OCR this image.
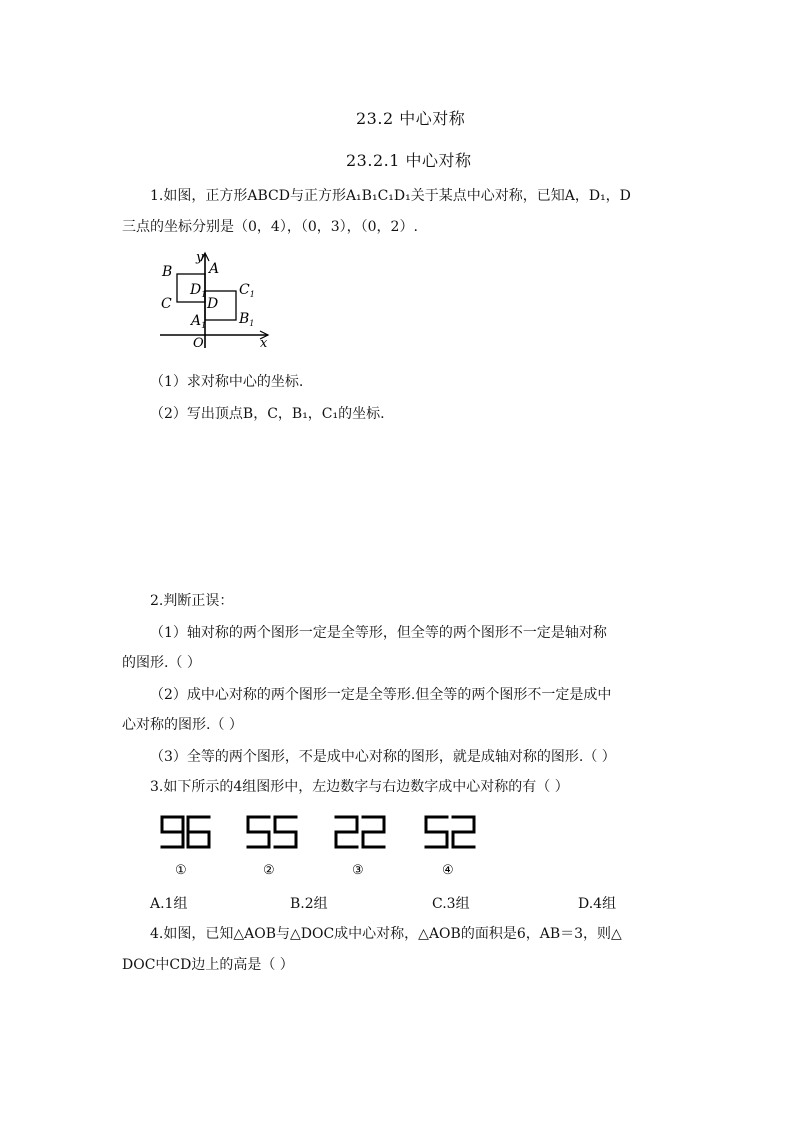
23.2 中心对称
23.2.1 中心对称
1.如图，正方形ABCD与正方形A₁B₁C₁D₁关于某点中心对称，已知A，D₁，D
三点的坐标分别是（0，4），（0，3），（0，2）.
y
A
B
C
$D_1$
D
$C_1$
$A_1$ $B_1$
O	x
（1）求对称中心的坐标.
（2）写出顶点B，C，B₁，C₁的坐标.
2.判断正误：
（1）轴对称的两个图形一定是全等形，但全等的两个图形不一定是轴对称
的图形.（ ）
（2）成中心对称的两个图形一定是全等形.但全等的两个图形不一定是成中
心对称的图形.（ ）
（3）全等的两个图形，不是成中心对称的图形，就是成轴对称的图形.（ ）
3.如下所示的4组图形中，左边数字与右边数字成中心对称的有（ ）
①	②	③	④
A.1组	B.2组	C.3组	D.4组
4.如图，已知△AOB与△DOC成中心对称，△AOB的面积是6，AB＝3，则△
DOC中CD边上的高是（ ）
